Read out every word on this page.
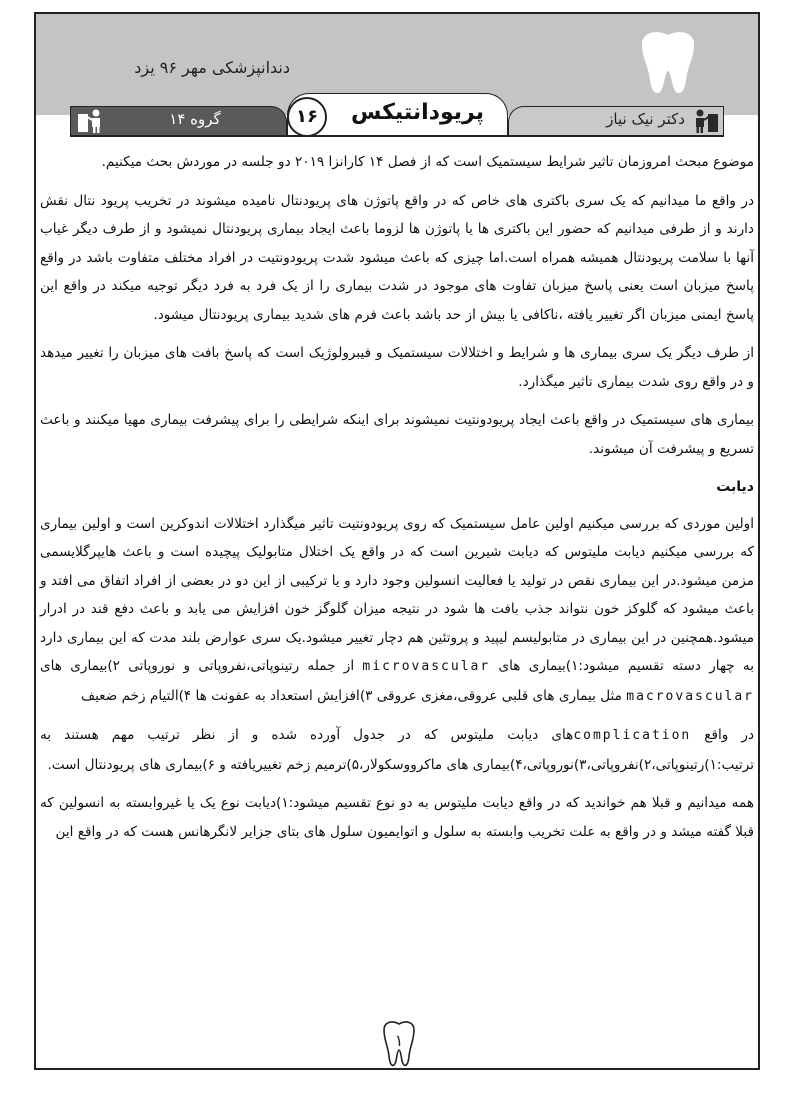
دندانپزشکی مهر ۹۶ یزد
۱۶	پریودانتیکس
گروه ۱۴	دکتر نیک نیاز

موضوع مبحث امروزمان تاثیر شرایط سیستمیک است که از فصل ۱۴ کارانزا ۲۰۱۹ دو جلسه در موردش بحث میکنیم.

در واقع ما میدانیم که یک سری باکتری های خاص که در واقع پاتوژن های پریودنتال نامیده میشوند در تخریب پریود نتال نقش دارند و از طرفی میدانیم که حضور این باکتری ها یا پاتوژن ها لزوما باعث ایجاد بیماری پریودنتال نمیشود و از طرف دیگر غیاب آنها با سلامت پریودنتال همیشه همراه است.اما چیزی که باعث میشود شدت پریودونتیت در افراد مختلف متفاوت باشد در واقع پاسخ میزبان است یعنی پاسخ میزبان تفاوت های موجود در شدت بیماری را از یک فرد به فرد دیگر توجیه میکند در واقع این پاسخ ایمنی میزبان اگر تغییر یافته ،ناکافی یا بیش از حد باشد باعث فرم های شدید بیماری پریودنتال میشود.

از طرف دیگر یک سری بیماری ها و شرایط و اختلالات سیستمیک و فیبرولوژیک است که پاسخ بافت های میزبان را تغییر میدهد و در واقع روی شدت بیماری تاثیر میگذارد.

بیماری های سیستمیک در واقع باعث ایجاد پریودونتیت نمیشوند برای اینکه شرایطی را برای پیشرفت بیماری مهیا میکنند و باعث تسریع و پیشرفت آن میشوند.

دیابت

اولین موردی که بررسی میکنیم اولین عامل سیستمیک که روی پریودونتیت تاثیر میگذارد اختلالات اندوکرین است و اولین بیماری که بررسی میکنیم دیابت ملیتوس که دیابت شیرین است که در واقع یک اختلال متابولیک پیچیده است و باعث هایپرگلایسمی مزمن میشود.در این بیماری نقص در تولید یا فعالیت انسولین وجود دارد و یا ترکیبی از این دو در بعضی از افراد اتفاق می افتد و باعث میشود که گلوکز خون نتواند جذب بافت ها شود در نتیجه میزان گلوگز خون افزایش می یابد و باعث دفع قند در ادرار میشود.همچنین در این بیماری در متابولیسم لیپید و پروتئین هم دچار تغییر میشود.یک سری عوارض بلند مدت که این بیماری دارد به چهار دسته تقسیم میشود:۱)بیماری های microvascular از جمله رتینوپاتی،نفروپاتی و نوروپاتی ۲)بیماری های macrovascular مثل بیماری های قلبی عروقی،مغزی عروقی ۳)افزایش استعداد به عفونت ها ۴)التیام زخم ضعیف

در واقع complicationهای دیابت ملیتوس که در جدول آورده شده و از نظر ترتیب مهم هستند به ترتیب:۱)رتینوپاتی،۲)نفروپاتی،۳)نوروپاتی،۴)بیماری های ماکرووسکولار،۵)ترمیم زخم تغییریافته و ۶)بیماری های پریودنتال است.

همه میدانیم و قبلا هم خواندید که در واقع دیابت ملیتوس به دو نوع تقسیم میشود:۱)دیابت نوع یک یا غیروابسته به انسولین که قبلا گفته میشد و در واقع به علت تخریب وابسته به سلول و اتوایمیون سلول های بتای جزایر لانگرهانس هست که در واقع این

۱
